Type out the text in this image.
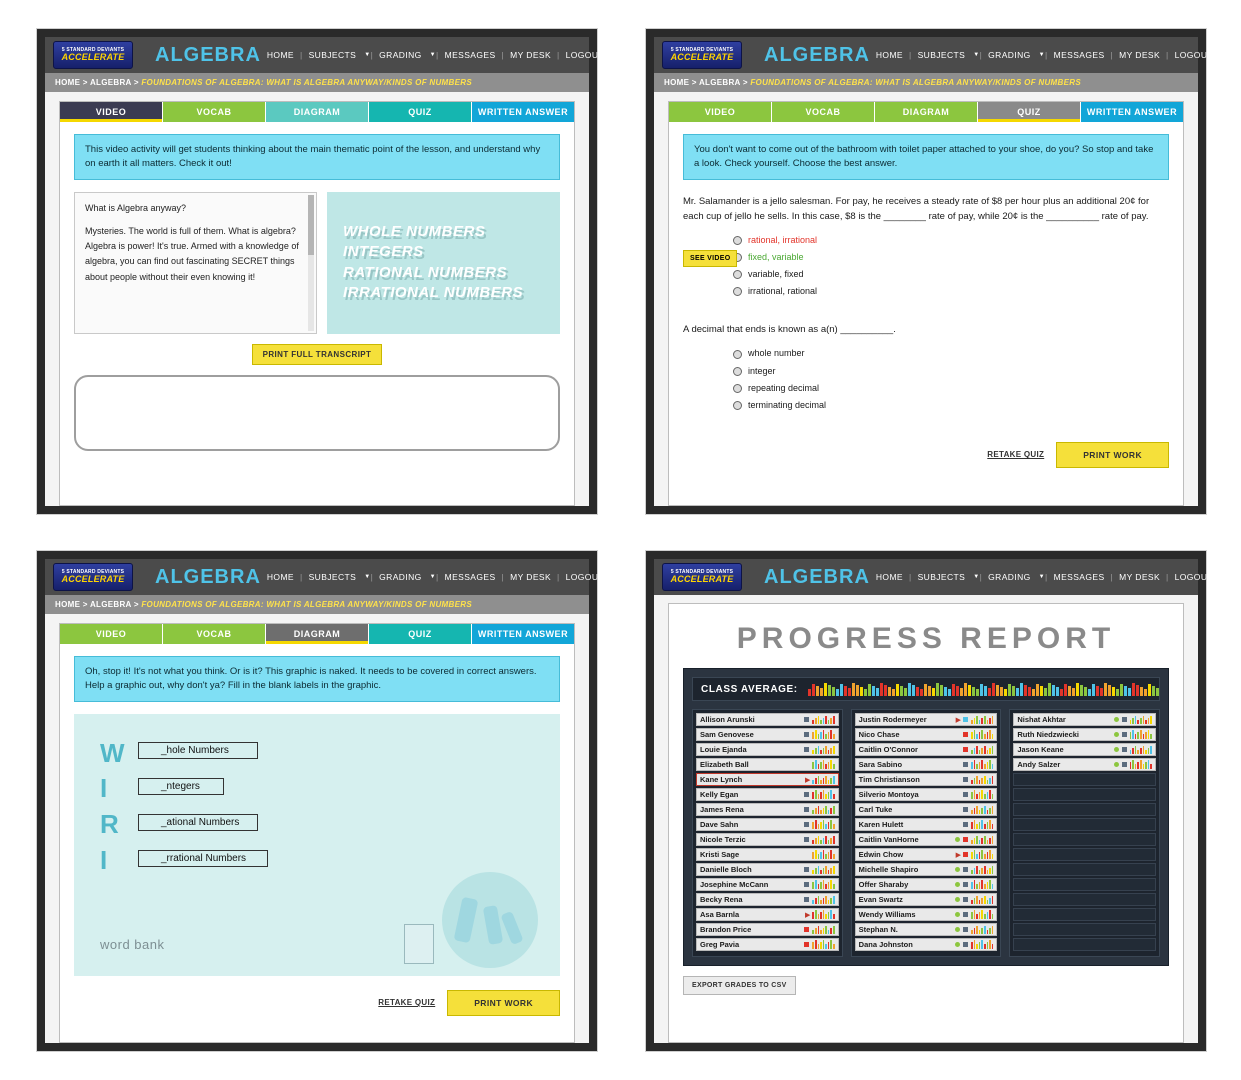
5 STANDARD DEVIANTS
ACCELERATE ALGEBRA HOME | SUBJECTS	▼ | GRADING	▼ | MESSAGES | MY DESK | LOGOUT
HOME > ALGEBRA > FOUNDATIONS OF ALGEBRA: WHAT IS ALGEBRA ANYWAY/KINDS OF NUMBERS
VIDEO	VOCAB	DIAGRAM	QUIZ	WRITTEN ANSWER
This video activity will get students thinking about the main thematic point of the lesson, and understand why on earth it all matters. Check it out!
What is Algebra anyway?
Mysteries. The world is full of them. What is algebra? Algebra is power! It's true. Armed with a knowledge of algebra, you can find out fascinating SECRET things about people without their even knowing it!
WHOLE NUMBERS
INTEGERS
RATIONAL NUMBERS
IRRATIONAL NUMBERS
PRINT FULL TRANSCRIPT
5 STANDARD DEVIANTS
ACCELERATE ALGEBRA HOME | SUBJECTS	▼ | GRADING	▼ | MESSAGES | MY DESK | LOGOUT
HOME > ALGEBRA > FOUNDATIONS OF ALGEBRA: WHAT IS ALGEBRA ANYWAY/KINDS OF NUMBERS
VIDEO	VOCAB	DIAGRAM	QUIZ	WRITTEN ANSWER
You don't want to come out of the bathroom with toilet paper attached to your shoe, do you? So stop and take a look. Check yourself. Choose the best answer.
Mr. Salamander is a jello salesman. For pay, he receives a steady rate of $8 per hour plus an additional 20¢ for each cup of jello he sells. In this case, $8 is the ________ rate of pay, while 20¢ is the __________ rate of pay.
SEE VIDEO
rational, irrational
fixed, variable
variable, fixed
irrational, rational
A decimal that ends is known as a(n) __________.
whole number
integer
repeating decimal
terminating decimal
RETAKE QUIZ	PRINT WORK
5 STANDARD DEVIANTS
ACCELERATE ALGEBRA HOME | SUBJECTS	▼ | GRADING	▼ | MESSAGES | MY DESK | LOGOUT
HOME > ALGEBRA > FOUNDATIONS OF ALGEBRA: WHAT IS ALGEBRA ANYWAY/KINDS OF NUMBERS
VIDEO	VOCAB	DIAGRAM	QUIZ	WRITTEN ANSWER
Oh, stop it! It's not what you think. Or is it? This graphic is naked. It needs to be covered in correct answers. Help a graphic out, why don't ya? Fill in the blank labels in the graphic.
W
I
R
I
_hole Numbers
_ntegers
_ational Numbers
_rrational Numbers
word bank
RETAKE QUIZ	PRINT WORK
5 STANDARD DEVIANTS
ACCELERATE ALGEBRA HOME | SUBJECTS	▼ | GRADING	▼ | MESSAGES | MY DESK | LOGOUT
PROGRESS REPORT
CLASS AVERAGE:
Allison Arunski
Sam Genovese
Louie Ejanda
Elizabeth Ball
Kane Lynch	▶
Kelly Egan
James Rena
Dave Sahn
Nicole Terzic
Kristi Sage
Danielle Bloch
Josephine McCann
Becky Rena
Asa Barnla	▶
Brandon Price
Greg Pavia
Justin Rodermeyer	▶
Nico Chase
Caitlin O'Connor
Sara Sabino
Tim Christianson
Silverio Montoya
Carl Tuke
Karen Hulett
Caitlin VanHorne
Edwin Chow	▶
Michelle Shapiro
Offer Sharaby
Evan Swartz
Wendy Williams
Stephan N.
Dana Johnston
Nishat Akhtar
Ruth Niedzwiecki
Jason Keane
Andy Salzer
EXPORT GRADES TO CSV
